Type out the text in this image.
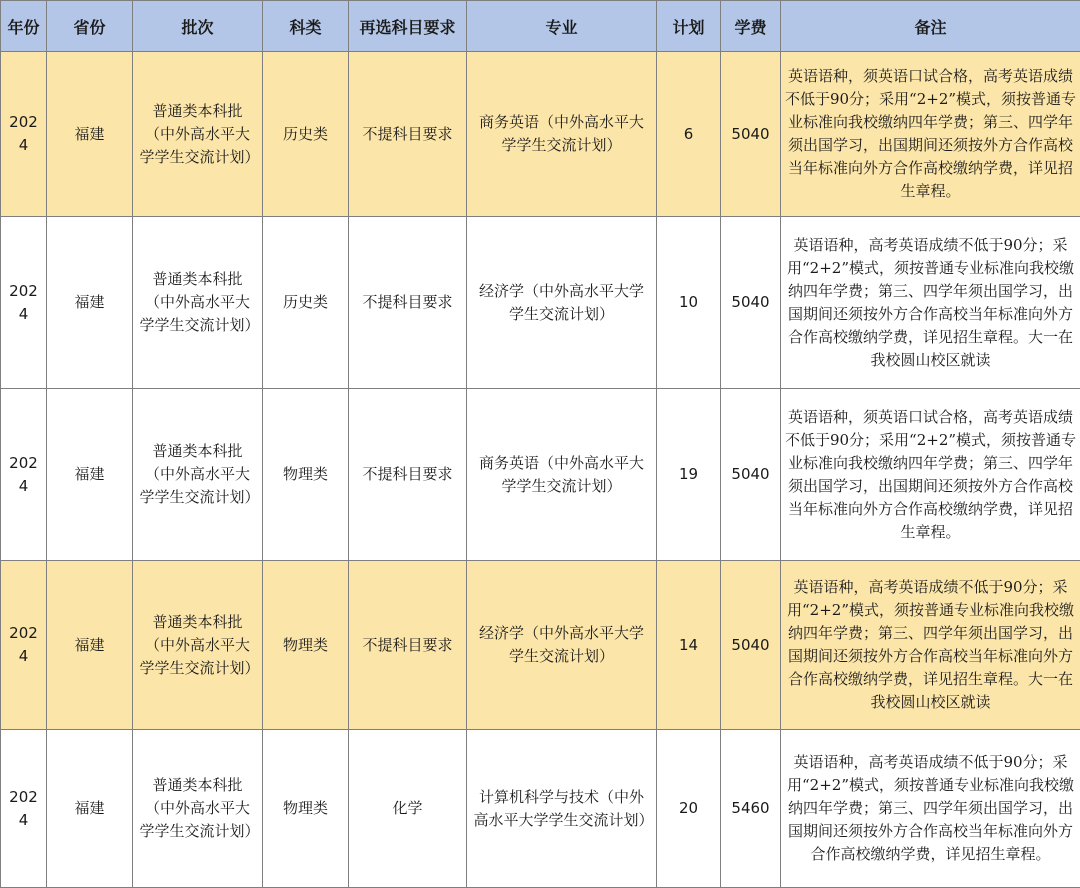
年份	省份	批次	科类	再选科目要求	专业	计划	学费	备注
2024	福建	普通类本科批（中外高水平大学学生交流计划）	历史类	不提科目要求	商务英语（中外高水平大学学生交流计划）	6	5040	英语语种，须英语口试合格，高考英语成绩不低于90分；采用“2+2”模式，须按普通专业标准向我校缴纳四年学费；第三、四学年须出国学习，出国期间还须按外方合作高校当年标准向外方合作高校缴纳学费，详见招生章程。
2024	福建	普通类本科批（中外高水平大学学生交流计划）	历史类	不提科目要求	经济学（中外高水平大学学生交流计划）	10	5040	英语语种，高考英语成绩不低于90分；采用“2+2”模式，须按普通专业标准向我校缴纳四年学费；第三、四学年须出国学习，出国期间还须按外方合作高校当年标准向外方合作高校缴纳学费，详见招生章程。大一在我校圆山校区就读
2024	福建	普通类本科批（中外高水平大学学生交流计划）	物理类	不提科目要求	商务英语（中外高水平大学学生交流计划）	19	5040	英语语种，须英语口试合格，高考英语成绩不低于90分；采用“2+2”模式，须按普通专业标准向我校缴纳四年学费；第三、四学年须出国学习，出国期间还须按外方合作高校当年标准向外方合作高校缴纳学费，详见招生章程。
2024	福建	普通类本科批（中外高水平大学学生交流计划）	物理类	不提科目要求	经济学（中外高水平大学学生交流计划）	14	5040	英语语种，高考英语成绩不低于90分；采用“2+2”模式，须按普通专业标准向我校缴纳四年学费；第三、四学年须出国学习，出国期间还须按外方合作高校当年标准向外方合作高校缴纳学费，详见招生章程。大一在我校圆山校区就读
2024	福建	普通类本科批（中外高水平大学学生交流计划）	物理类	化学	计算机科学与技术（中外高水平大学学生交流计划）	20	5460	英语语种，高考英语成绩不低于90分；采用“2+2”模式，须按普通专业标准向我校缴纳四年学费；第三、四学年须出国学习，出国期间还须按外方合作高校当年标准向外方合作高校缴纳学费，详见招生章程。
